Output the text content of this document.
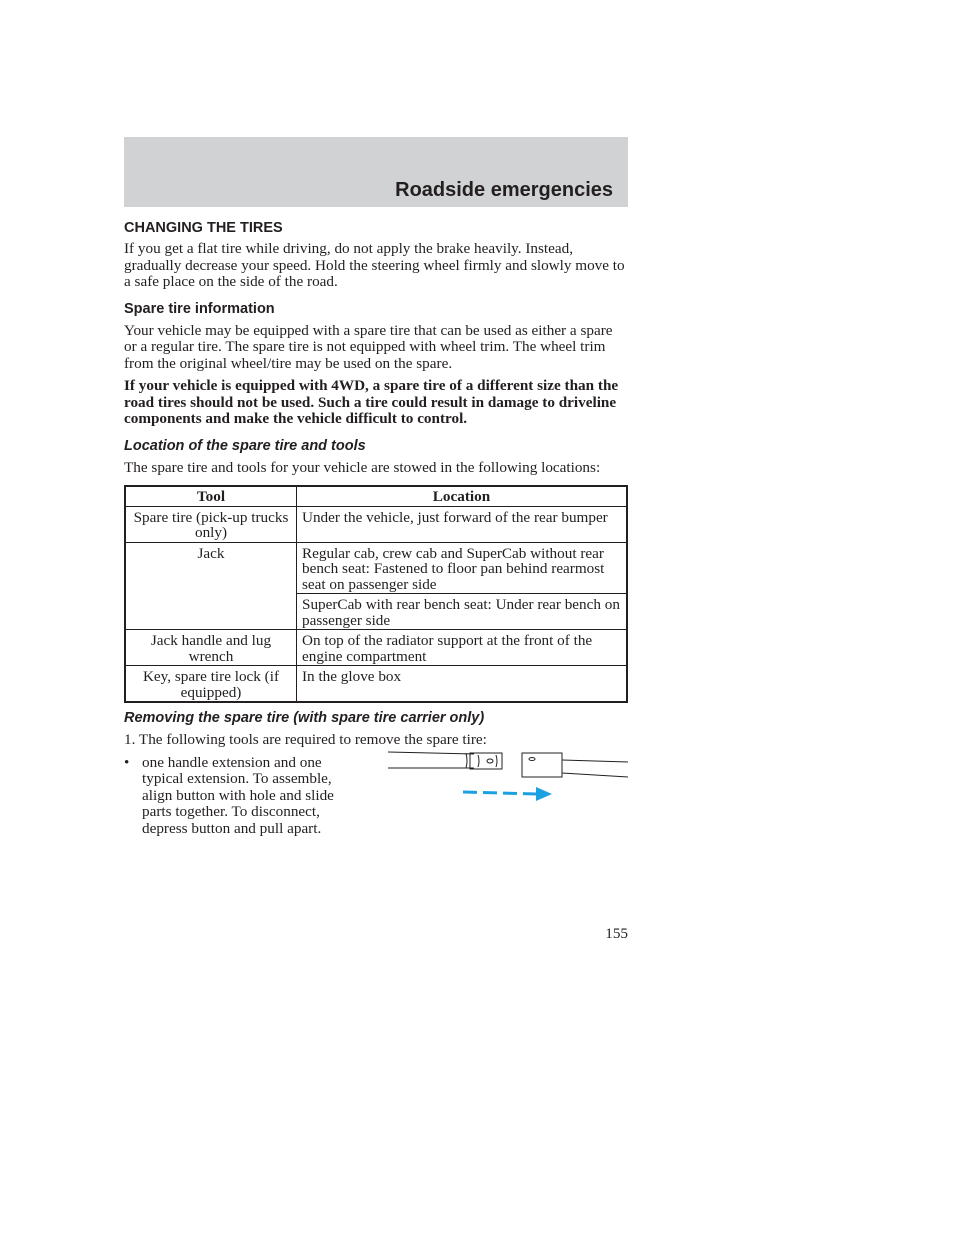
Roadside emergencies
CHANGING THE TIRES

If you get a flat tire while driving, do not apply the brake heavily. Instead, gradually decrease your speed. Hold the steering wheel firmly and slowly move to a safe place on the side of the road.

Spare tire information

Your vehicle may be equipped with a spare tire that can be used as either a spare or a regular tire. The spare tire is not equipped with wheel trim. The wheel trim from the original wheel/tire may be used on the spare.

If your vehicle is equipped with 4WD, a spare tire of a different size than the road tires should not be used. Such a tire could result in damage to driveline components and make the vehicle difficult to control.

Location of the spare tire and tools

The spare tire and tools for your vehicle are stowed in the following locations:

Tool	Location
Spare tire (pick-up trucks only)	Under the vehicle, just forward of the rear bumper
Jack	Regular cab, crew cab and SuperCab without rear bench seat: Fastened to floor pan behind rearmost seat on passenger side
	SuperCab with rear bench seat: Under rear bench on passenger side
Jack handle and lug wrench	On top of the radiator support at the front of the engine compartment
Key, spare tire lock (if equipped)	In the glove box
Removing the spare tire (with spare tire carrier only)

1. The following tools are required to remove the spare tire:

• one handle extension and one typical extension. To assemble, align button with hole and slide parts together. To disconnect, depress button and pull apart.

155
